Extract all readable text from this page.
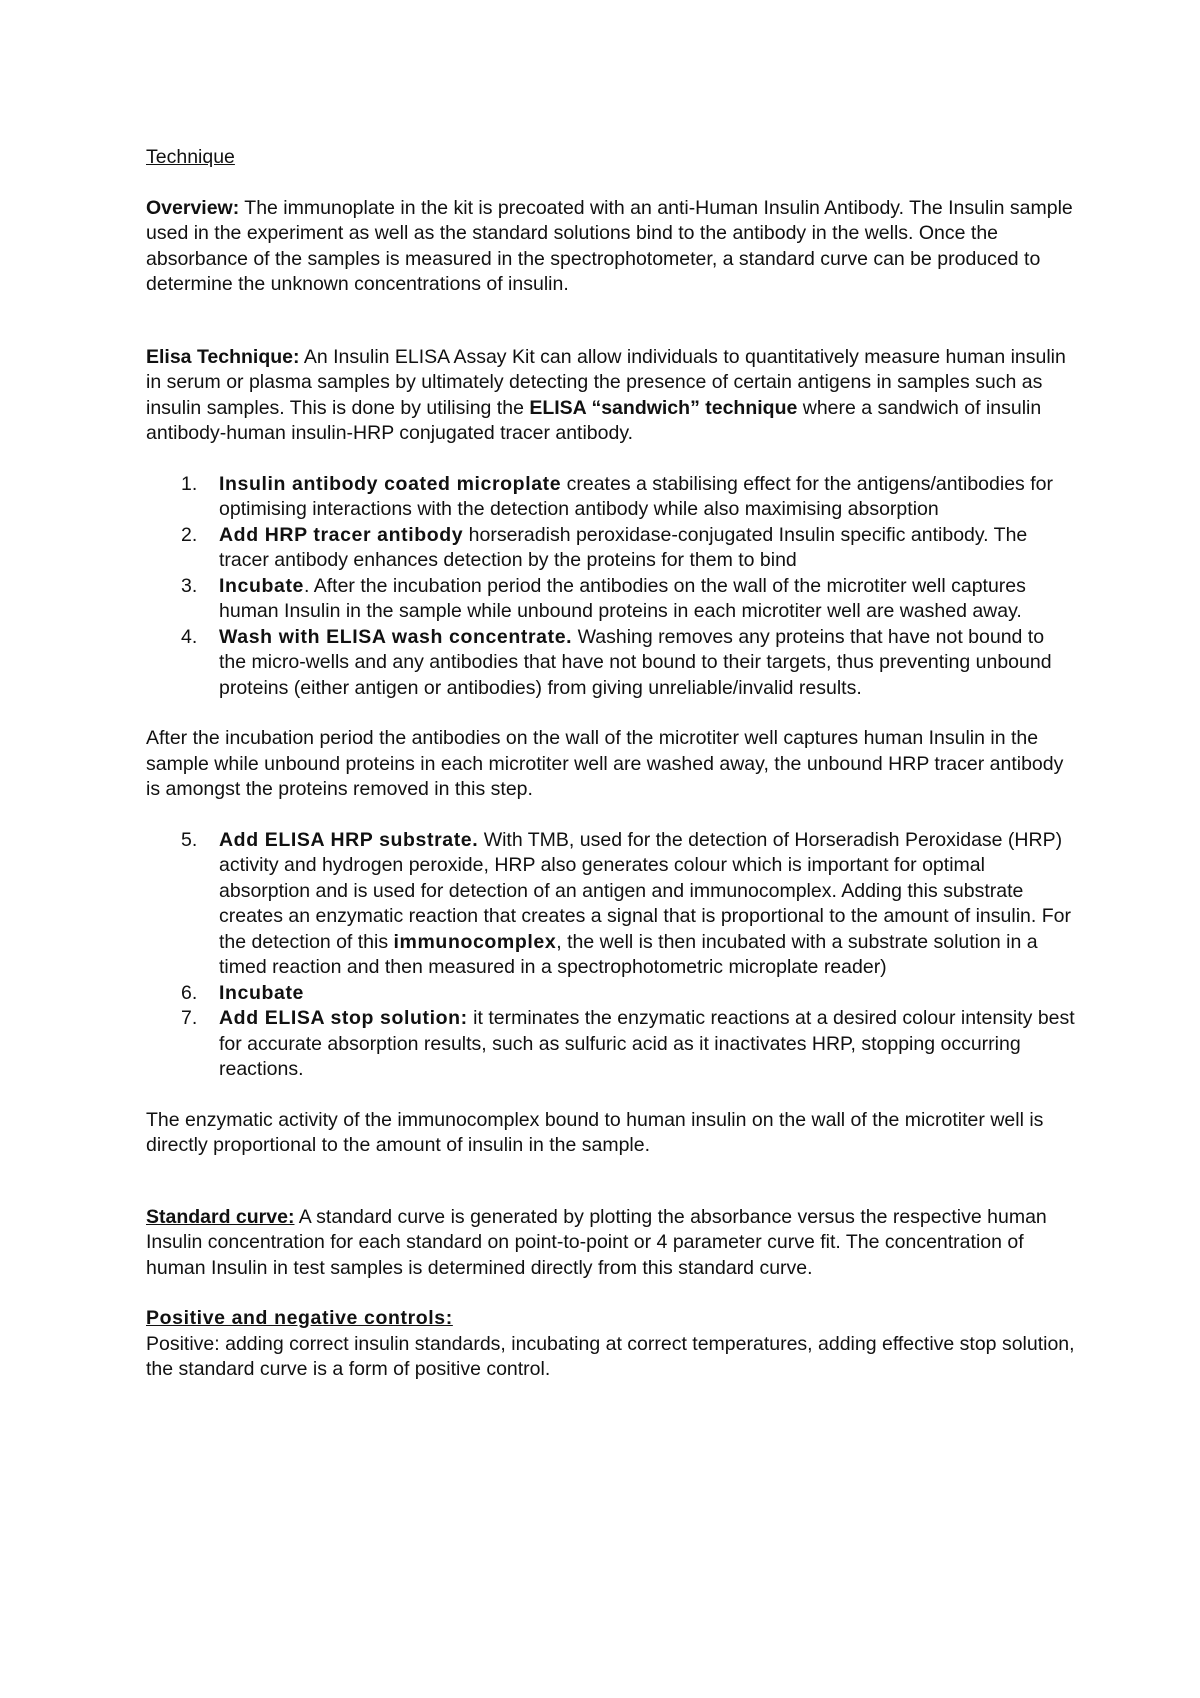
Technique

Overview: The immunoplate in the kit is precoated with an anti-Human Insulin Antibody. The Insulin sample used in the experiment as well as the standard solutions bind to the antibody in the wells. Once the absorbance of the samples is measured in the spectrophotometer, a standard curve can be produced to determine the unknown concentrations of insulin.

Elisa Technique: An Insulin ELISA Assay Kit can allow individuals to quantitatively measure human insulin in serum or plasma samples by ultimately detecting the presence of certain antigens in samples such as insulin samples. This is done by utilising the ELISA “sandwich” technique where a sandwich of insulin antibody-human insulin-HRP conjugated tracer antibody.

1. Insulin antibody coated microplate creates a stabilising effect for the antigens/antibodies for optimising interactions with the detection antibody while also maximising absorption
2. Add HRP tracer antibody horseradish peroxidase-conjugated Insulin specific antibody. The tracer antibody enhances detection by the proteins for them to bind
3. Incubate. After the incubation period the antibodies on the wall of the microtiter well captures human Insulin in the sample while unbound proteins in each microtiter well are washed away.
4. Wash with ELISA wash concentrate. Washing removes any proteins that have not bound to the micro-wells and any antibodies that have not bound to their targets, thus preventing unbound proteins (either antigen or antibodies) from giving unreliable/invalid results.

After the incubation period the antibodies on the wall of the microtiter well captures human Insulin in the sample while unbound proteins in each microtiter well are washed away, the unbound HRP tracer antibody is amongst the proteins removed in this step.

5. Add ELISA HRP substrate. With TMB, used for the detection of Horseradish Peroxidase (HRP) activity and hydrogen peroxide, HRP also generates colour which is important for optimal absorption and is used for detection of an antigen and immunocomplex. Adding this substrate creates an enzymatic reaction that creates a signal that is proportional to the amount of insulin. For the detection of this immunocomplex, the well is then incubated with a substrate solution in a timed reaction and then measured in a spectrophotometric microplate reader)
6. Incubate
7. Add ELISA stop solution: it terminates the enzymatic reactions at a desired colour intensity best for accurate absorption results, such as sulfuric acid as it inactivates HRP, stopping occurring reactions.

The enzymatic activity of the immunocomplex bound to human insulin on the wall of the microtiter well is directly proportional to the amount of insulin in the sample.

Standard curve: A standard curve is generated by plotting the absorbance versus the respective human Insulin concentration for each standard on point-to-point or 4 parameter curve fit. The concentration of human Insulin in test samples is determined directly from this standard curve.

Positive and negative controls:

Positive: adding correct insulin standards, incubating at correct temperatures, adding effective stop solution, the standard curve is a form of positive control.
